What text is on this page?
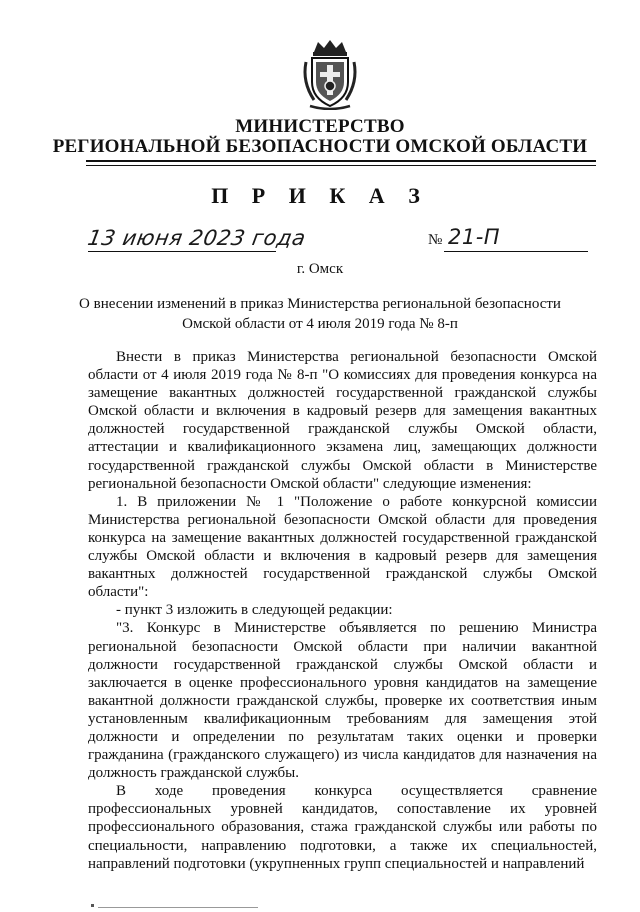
МИНИСТЕРСТВО
РЕГИОНАЛЬНОЙ БЕЗОПАСНОСТИ ОМСКОЙ ОБЛАСТИ
П Р И К А З
13 июня 2023 года	№ 21-П
г. Омск
О внесении изменений в приказ Министерства региональной безопасности
Омской области от 4 июля 2019 года № 8-п

Внести в приказ Министерства региональной безопасности Омской области от 4 июля 2019 года № 8-п "О комиссиях для проведения конкурса на замещение вакантных должностей государственной гражданской службы Омской области и включения в кадровый резерв для замещения вакантных должностей государственной гражданской службы Омской области, аттестации и квалификационного экзамена лиц, замещающих должности государственной гражданской службы Омской области в Министерстве региональной безопасности Омской области" следующие изменения:

1. В приложении № 1 "Положение о работе конкурсной комиссии Министерства региональной безопасности Омской области для проведения конкурса на замещение вакантных должностей государственной гражданской службы Омской области и включения в кадровый резерв для замещения вакантных должностей государственной гражданской службы Омской области":

- пункт 3 изложить в следующей редакции:

"3. Конкурс в Министерстве объявляется по решению Министра региональной безопасности Омской области при наличии вакантной должности государственной гражданской службы Омской области и заключается в оценке профессионального уровня кандидатов на замещение вакантной должности гражданской службы, проверке их соответствия иным установленным квалификационным требованиям для замещения этой должности и определении по результатам таких оценки и проверки гражданина (гражданского служащего) из числа кандидатов для назначения на должность гражданской службы.

В ходе проведения конкурса осуществляется сравнение профессиональных уровней кандидатов, сопоставление их уровней профессионального образования, стажа гражданской службы или работы по специальности, направлению подготовки, а также их специальностей, направлений подготовки (укрупненных групп специальностей и направлений
